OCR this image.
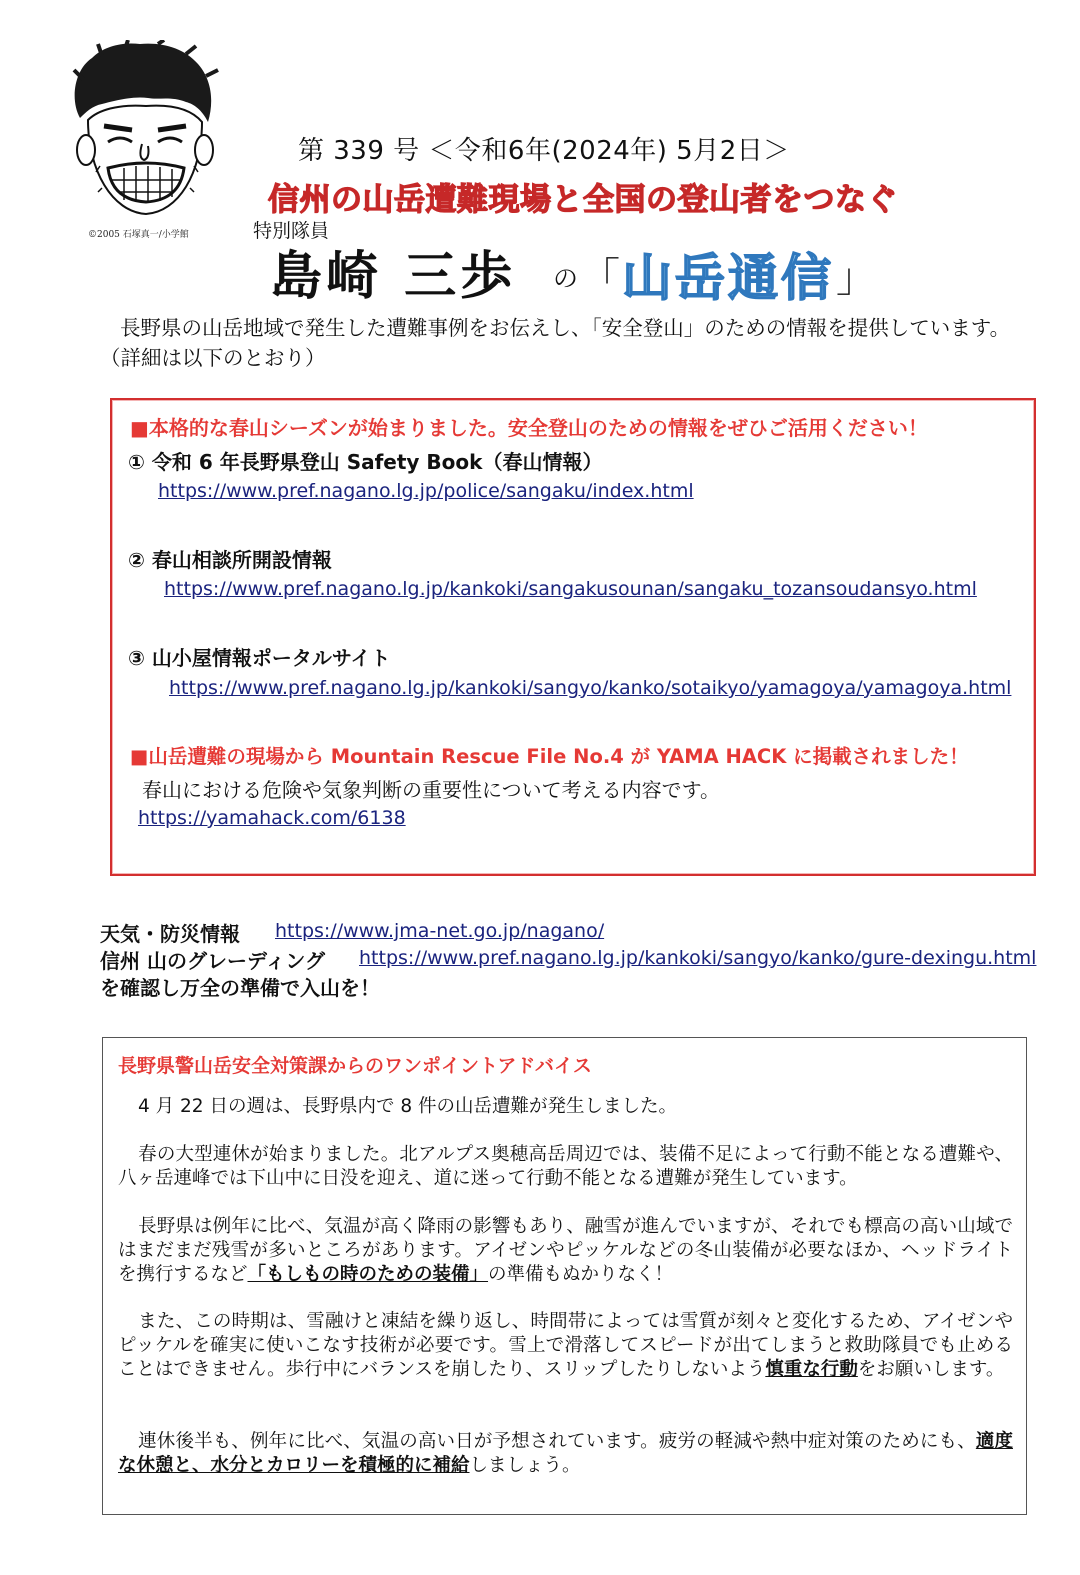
©2005 石塚真一/小学館
第 339 号 ＜令和6年(2024年) 5月2日＞
信州の山岳遭難現場と全国の登山者をつなぐ
特別隊員
島崎 三歩 の 「 山岳通信 」
長野県の山岳地域で発生した遭難事例をお伝えし、「安全登山」のための情報を提供しています。（詳細は以下のとおり）
■本格的な春山シーズンが始まりました。安全登山のための情報をぜひご活用ください！
① 令和 6 年長野県登山 Safety Book（春山情報）
https://www.pref.nagano.lg.jp/police/sangaku/index.html
② 春山相談所開設情報
https://www.pref.nagano.lg.jp/kankoki/sangakusounan/sangaku_tozansoudansyo.html
③ 山小屋情報ポータルサイト
https://www.pref.nagano.lg.jp/kankoki/sangyo/kanko/sotaikyo/yamagoya/yamagoya.html
■山岳遭難の現場から Mountain Rescue File No.4 が YAMA HACK に掲載されました！
春山における危険や気象判断の重要性について考える内容です。
https://yamahack.com/6138
天気・防災情報 https://www.jma-net.go.jp/nagano/
信州 山のグレーディング https://www.pref.nagano.lg.jp/kankoki/sangyo/kanko/gure-dexingu.html
を確認し万全の準備で入山を！
長野県警山岳安全対策課からのワンポイントアドバイス
4 月 22 日の週は、長野県内で 8 件の山岳遭難が発生しました。
春の大型連休が始まりました。北アルプス奥穂高岳周辺では、装備不足によって行動不能となる遭難や、八ヶ岳連峰では下山中に日没を迎え、道に迷って行動不能となる遭難が発生しています。
長野県は例年に比べ、気温が高く降雨の影響もあり、融雪が進んでいますが、それでも標高の高い山域ではまだまだ残雪が多いところがあります。アイゼンやピッケルなどの冬山装備が必要なほか、ヘッドライトを携行するなど「もしもの時のための装備」の準備もぬかりなく！
また、この時期は、雪融けと凍結を繰り返し、時間帯によっては雪質が刻々と変化するため、アイゼンやピッケルを確実に使いこなす技術が必要です。雪上で滑落してスピードが出てしまうと救助隊員でも止めることはできません。歩行中にバランスを崩したり、スリップしたりしないよう慎重な行動をお願いします。
連休後半も、例年に比べ、気温の高い日が予想されています。疲労の軽減や熱中症対策のためにも、適度な休憩と、水分とカロリーを積極的に補給しましょう。
